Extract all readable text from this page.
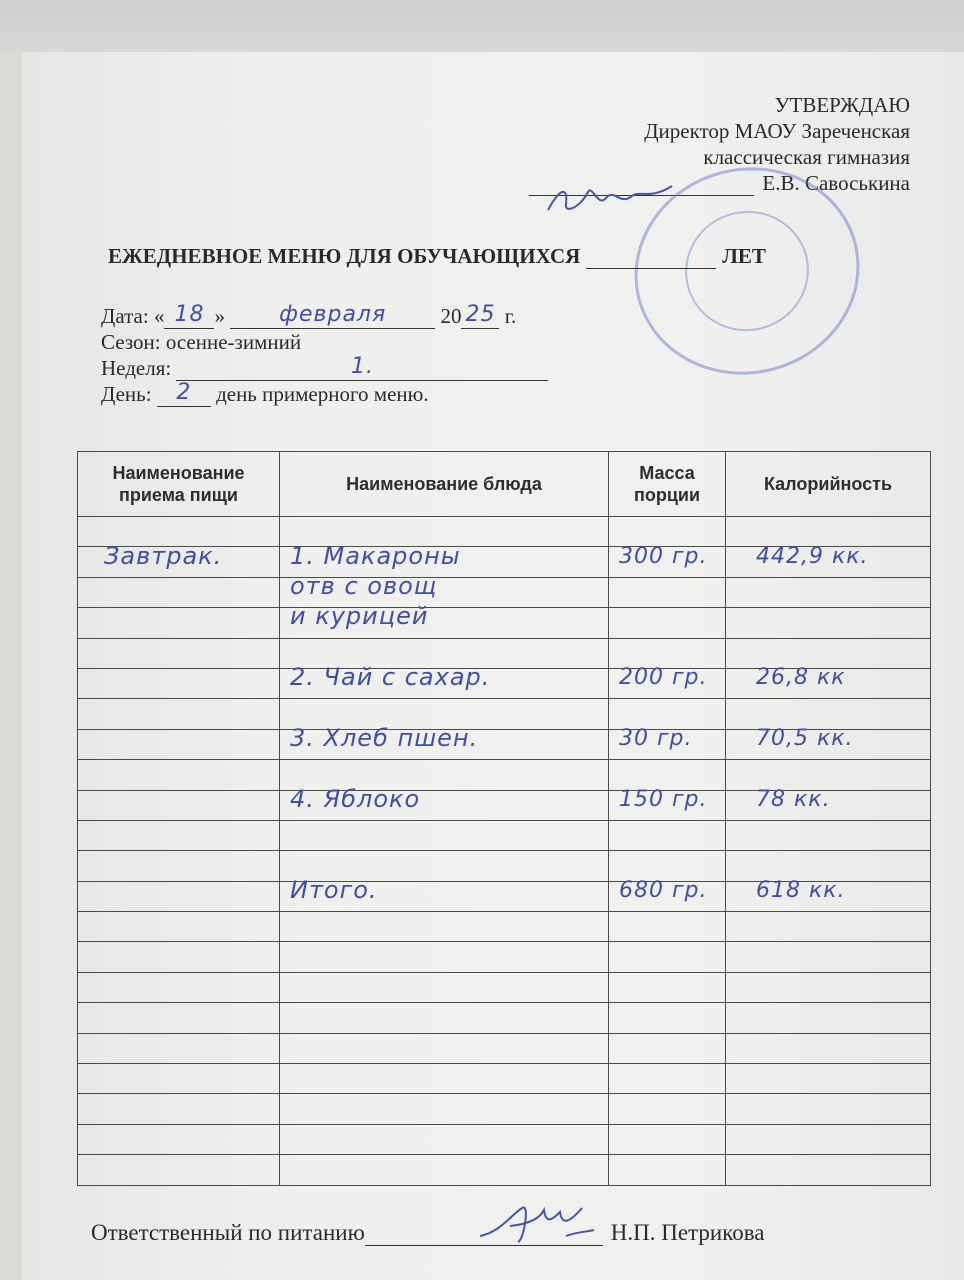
УТВЕРЖДАЮ
Директор МАОУ Зареченская
классическая гимназия
Е.В. Савоськина
ЕЖЕДНЕВНОЕ МЕНЮ ДЛЯ ОБУЧАЮЩИХСЯ	ЛЕТ
Дата: « 18 » февраля	20 25 г.
Сезон: осенне-зимний
Неделя:	1.
День: 2 день примерного меню.
Наименование приема пищи	Наименование блюда	Масса порции	Калорийность

Завтрак.	1. Макароны	300 гр.	442,9 кк.

	отв с овощ		

	и курицей		

	2. Чай с сахар.	200 гр.	26,8 кк

	3. Хлеб пшен.	30 гр.	70,5 кк.

	4. Яблоко	150 гр.	78 кк.

	Итого.	680 гр.	618 кк.

Ответственный по питанию	Н.П. Петрикова
